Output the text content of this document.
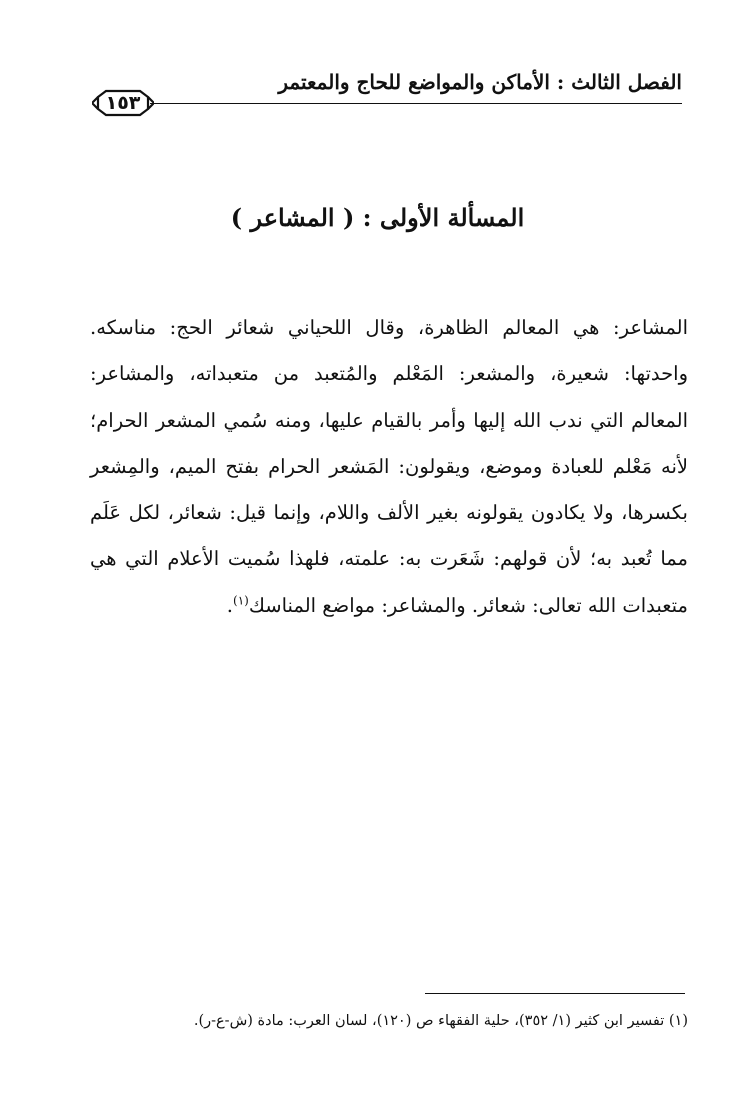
الفصل الثالث : الأماكن والمواضع للحاج والمعتمر
١٥٣
المسألة الأولى : ( المشاعر )

المشاعر: هي المعالم الظاهرة، وقال اللحياني شعائر الحج: مناسكه. واحدتها: شعيرة، والمشعر: المَعْلم والمُتعبد من متعبداته، والمشاعر: المعالم التي ندب الله إليها وأمر بالقيام عليها، ومنه سُمي المشعر الحرام؛ لأنه مَعْلم للعبادة وموضع، ويقولون: المَشعر الحرام بفتح الميم، والمِشعر بكسرها، ولا يكادون يقولونه بغير الألف واللام، وإنما قيل: شعائر، لكل عَلَم مما تُعبد به؛ لأن قولهم: شَعَرت به: علمته، فلهذا سُميت الأعلام التي هي متعبدات الله تعالى: شعائر. والمشاعر: مواضع المناسك$^{(١)}$.

(١) تفسير ابن كثير (١/ ٣٥٢)، حلية الفقهاء ص (١٢٠)، لسان العرب: مادة (ش-ع-ر).
